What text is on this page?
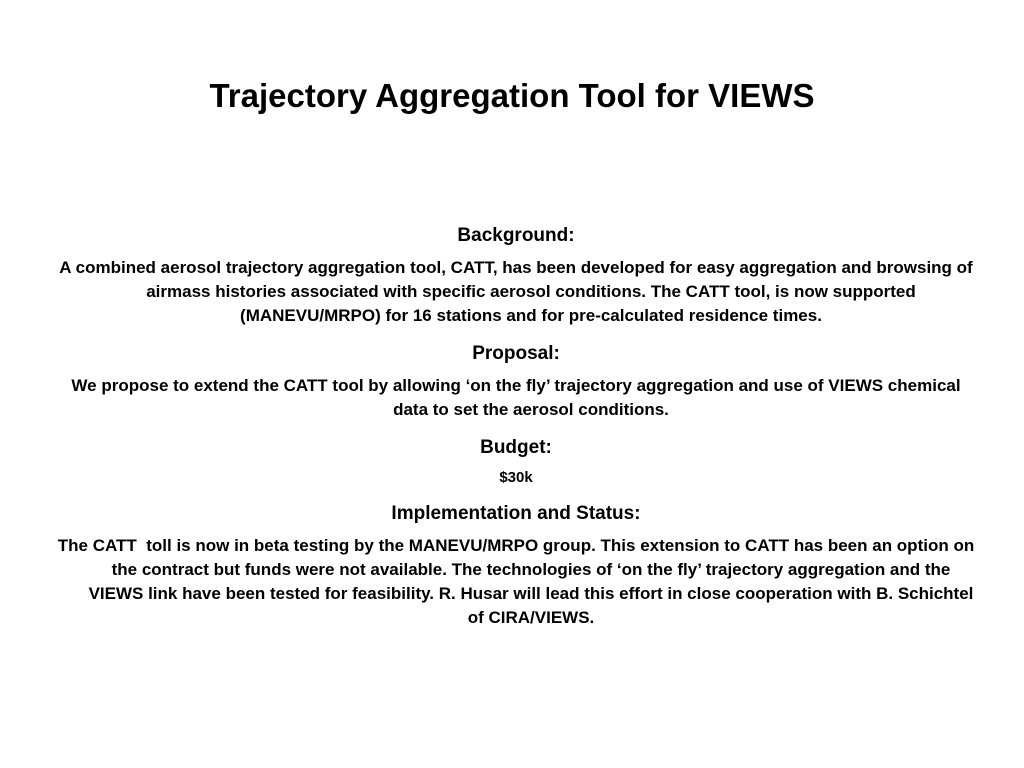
Trajectory Aggregation Tool for VIEWS

Background:

A combined aerosol trajectory aggregation tool, CATT, has been developed for easy aggregation and browsing of airmass histories associated with specific aerosol conditions. The CATT tool, is now supported (MANEVU/MRPO) for 16 stations and for pre-calculated residence times.

Proposal:

We propose to extend the CATT tool by allowing ‘on the fly’ trajectory aggregation and use of VIEWS chemical data to set the aerosol conditions.

Budget:

$30k

Implementation and Status:

The CATT  toll is now in beta testing by the MANEVU/MRPO group. This extension to CATT has been an option on the contract but funds were not available. The technologies of ‘on the fly’ trajectory aggregation and the VIEWS link have been tested for feasibility. R. Husar will lead this effort in close cooperation with B. Schichtel of CIRA/VIEWS.
